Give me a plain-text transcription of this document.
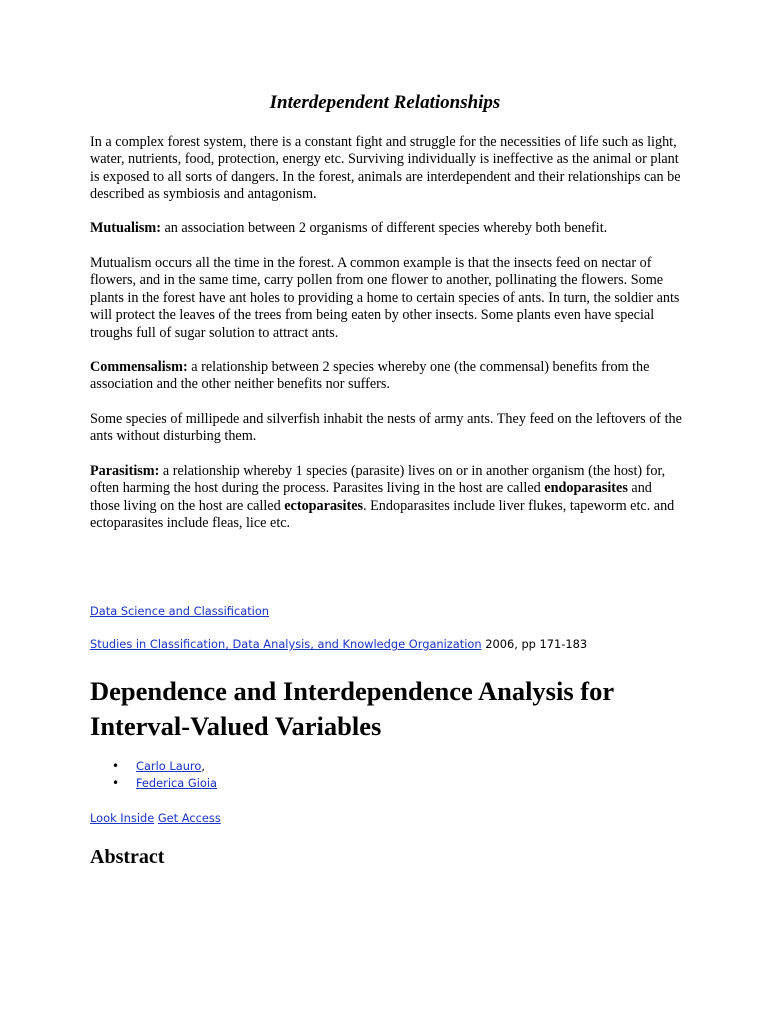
Interdependent Relationships

In a complex forest system, there is a constant fight and struggle for the necessities of life such as light, water, nutrients, food, protection, energy etc. Surviving individually is ineffective as the animal or plant is exposed to all sorts of dangers. In the forest, animals are interdependent and their relationships can be described as symbiosis and antagonism.

Mutualism: an association between 2 organisms of different species whereby both benefit.

Mutualism occurs all the time in the forest. A common example is that the insects feed on nectar of flowers, and in the same time, carry pollen from one flower to another, pollinating the flowers. Some plants in the forest have ant holes to providing a home to certain species of ants. In turn, the soldier ants will protect the leaves of the trees from being eaten by other insects. Some plants even have special troughs full of sugar solution to attract ants.

Commensalism: a relationship between 2 species whereby one (the commensal) benefits from the association and the other neither benefits nor suffers.

Some species of millipede and silverfish inhabit the nests of army ants. They feed on the leftovers of the ants without disturbing them.

Parasitism: a relationship whereby 1 species (parasite) lives on or in another organism (the host) for, often harming the host during the process. Parasites living in the host are called endoparasites and those living on the host are called ectoparasites. Endoparasites include liver flukes, tapeworm etc. and ectoparasites include fleas, lice etc.

Data Science and Classification
Studies in Classification, Data Analysis, and Knowledge Organization 2006, pp 171-183
Dependence and Interdependence Analysis for Interval-Valued Variables
• Carlo Lauro,
• Federica Gioia
Look Inside Get Access
Abstract
